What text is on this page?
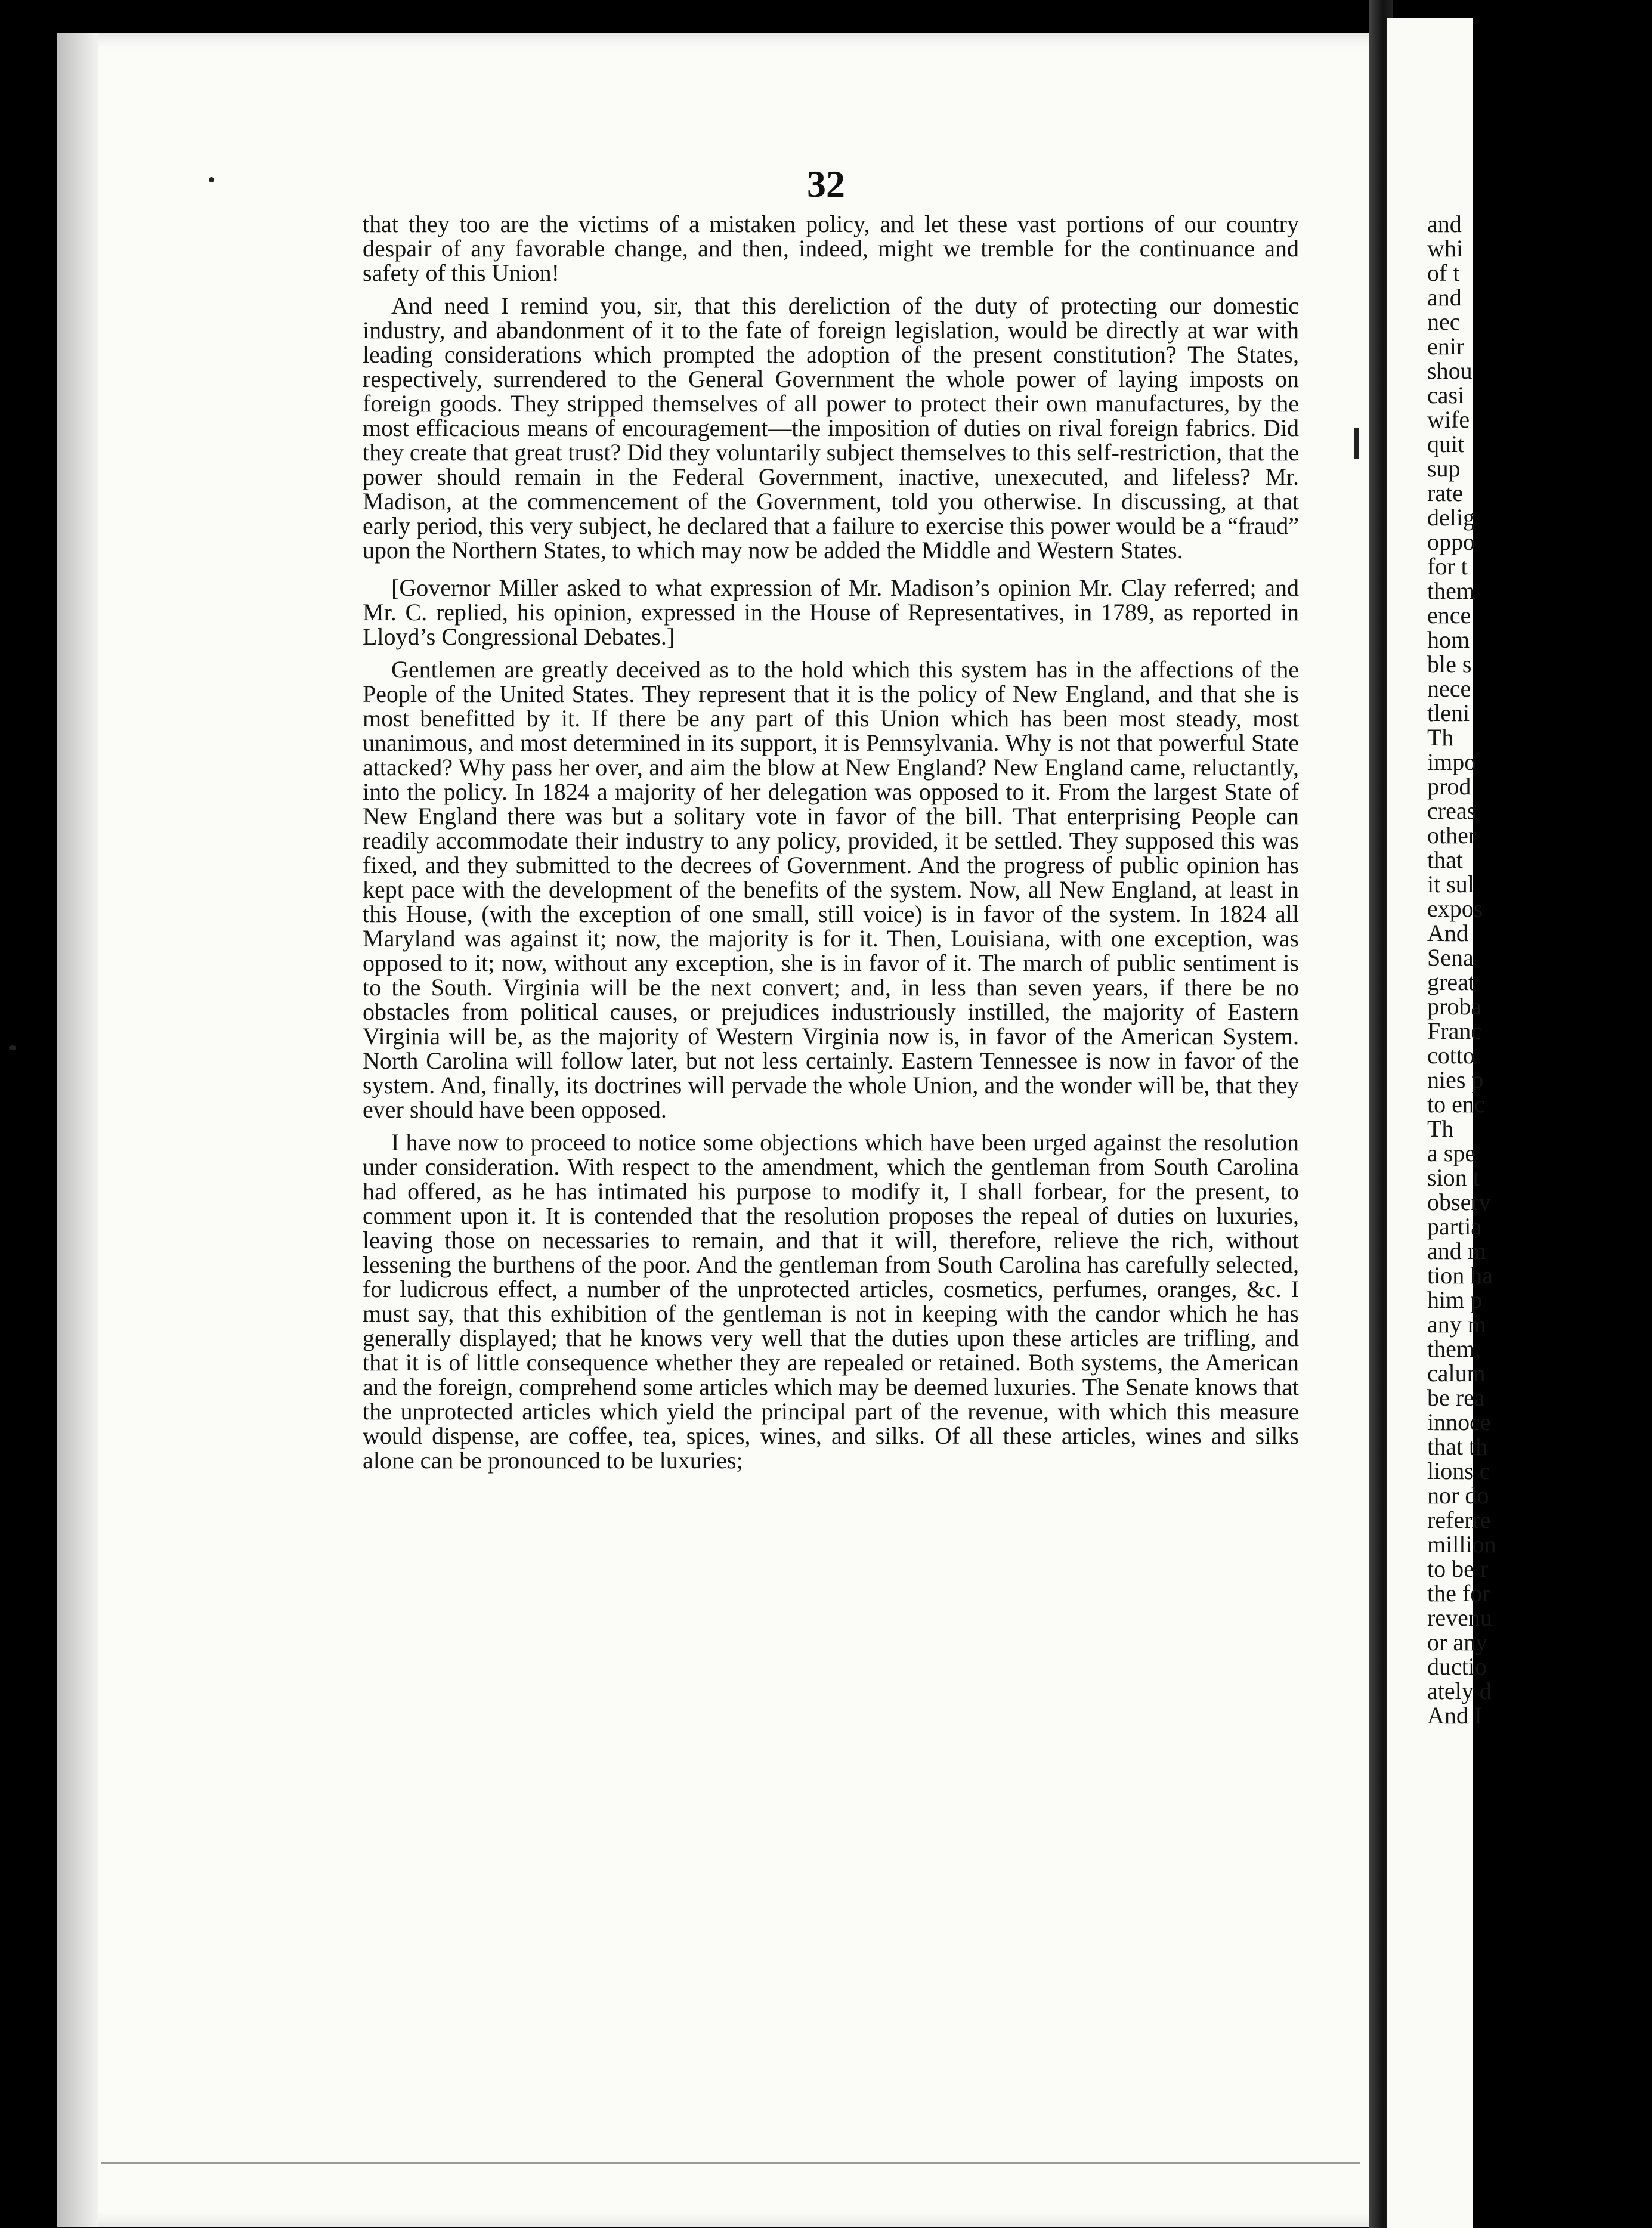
32

that they too are the victims of a mistaken policy, and let these vast portions of our country despair of any favorable change, and then, indeed, might we tremble for the continuance and safety of this Union!

And need I remind you, sir, that this dereliction of the duty of protecting our domestic industry, and abandonment of it to the fate of foreign legislation, would be directly at war with leading considerations which prompted the adoption of the present constitution? The States, respectively, surrendered to the General Government the whole power of laying imposts on foreign goods. They stripped themselves of all power to protect their own manufactures, by the most efficacious means of encouragement—the imposition of duties on rival foreign fabrics. Did they create that great trust? Did they voluntarily subject themselves to this self-restriction, that the power should remain in the Federal Government, inactive, unexecuted, and lifeless? Mr. Madison, at the commencement of the Government, told you otherwise. In discussing, at that early period, this very subject, he declared that a failure to exercise this power would be a “fraud” upon the Northern States, to which may now be added the Middle and Western States.

[Governor Miller asked to what expression of Mr. Madison’s opinion Mr. Clay referred; and Mr. C. replied, his opinion, expressed in the House of Representatives, in 1789, as reported in Lloyd’s Congressional Debates.]

Gentlemen are greatly deceived as to the hold which this system has in the affections of the People of the United States. They represent that it is the policy of New England, and that she is most benefitted by it. If there be any part of this Union which has been most steady, most unanimous, and most determined in its support, it is Pennsylvania. Why is not that powerful State attacked? Why pass her over, and aim the blow at New England? New England came, reluctantly, into the policy. In 1824 a majority of her delegation was opposed to it. From the largest State of New England there was but a solitary vote in favor of the bill. That enterprising People can readily accommodate their industry to any policy, provided, it be settled. They supposed this was fixed, and they submitted to the decrees of Government. And the progress of public opinion has kept pace with the development of the benefits of the system. Now, all New England, at least in this House, (with the exception of one small, still voice) is in favor of the system. In 1824 all Maryland was against it; now, the majority is for it. Then, Louisiana, with one exception, was opposed to it; now, without any exception, she is in favor of it. The march of public sentiment is to the South. Virginia will be the next convert; and, in less than seven years, if there be no obstacles from political causes, or prejudices industriously instilled, the majority of Eastern Virginia will be, as the majority of Western Virginia now is, in favor of the American System. North Carolina will follow later, but not less certainly. Eastern Tennessee is now in favor of the system. And, finally, its doctrines will pervade the whole Union, and the wonder will be, that they ever should have been opposed.

I have now to proceed to notice some objections which have been urged against the resolution under consideration. With respect to the amendment, which the gentleman from South Carolina had offered, as he has intimated his purpose to modify it, I shall forbear, for the present, to comment upon it. It is contended that the resolution proposes the repeal of duties on luxuries, leaving those on necessaries to remain, and that it will, therefore, relieve the rich, without lessening the burthens of the poor. And the gentleman from South Carolina has carefully selected, for ludicrous effect, a number of the unprotected articles, cosmetics, perfumes, oranges, &c. I must say, that this exhibition of the gentleman is not in keeping with the candor which he has generally displayed; that he knows very well that the duties upon these articles are trifling, and that it is of little consequence whether they are repealed or retained. Both systems, the American and the foreign, comprehend some articles which may be deemed luxuries. The Senate knows that the unprotected articles which yield the principal part of the revenue, with which this measure would dispense, are coffee, tea, spices, wines, and silks. Of all these articles, wines and silks alone can be pronounced to be luxuries;

and
whi
of t
and
nec
enir
shou
casi
wife
quit
sup
rate
delig
oppo
for t
them
ence
hom
ble s
nece
tleni
Th
impo
prod
creas
other
that
it sul
expos
And
Sena
great
proba
Franc
cotto
nies p
to enc
Th
a spe
sion t
observ
partia
and m
tion ha
him p
any m
them,
calum
be rea
innoce
that th
lions c
nor do
referre
million
to be r
the for
revenu
or any
ductio
ately d
And I
